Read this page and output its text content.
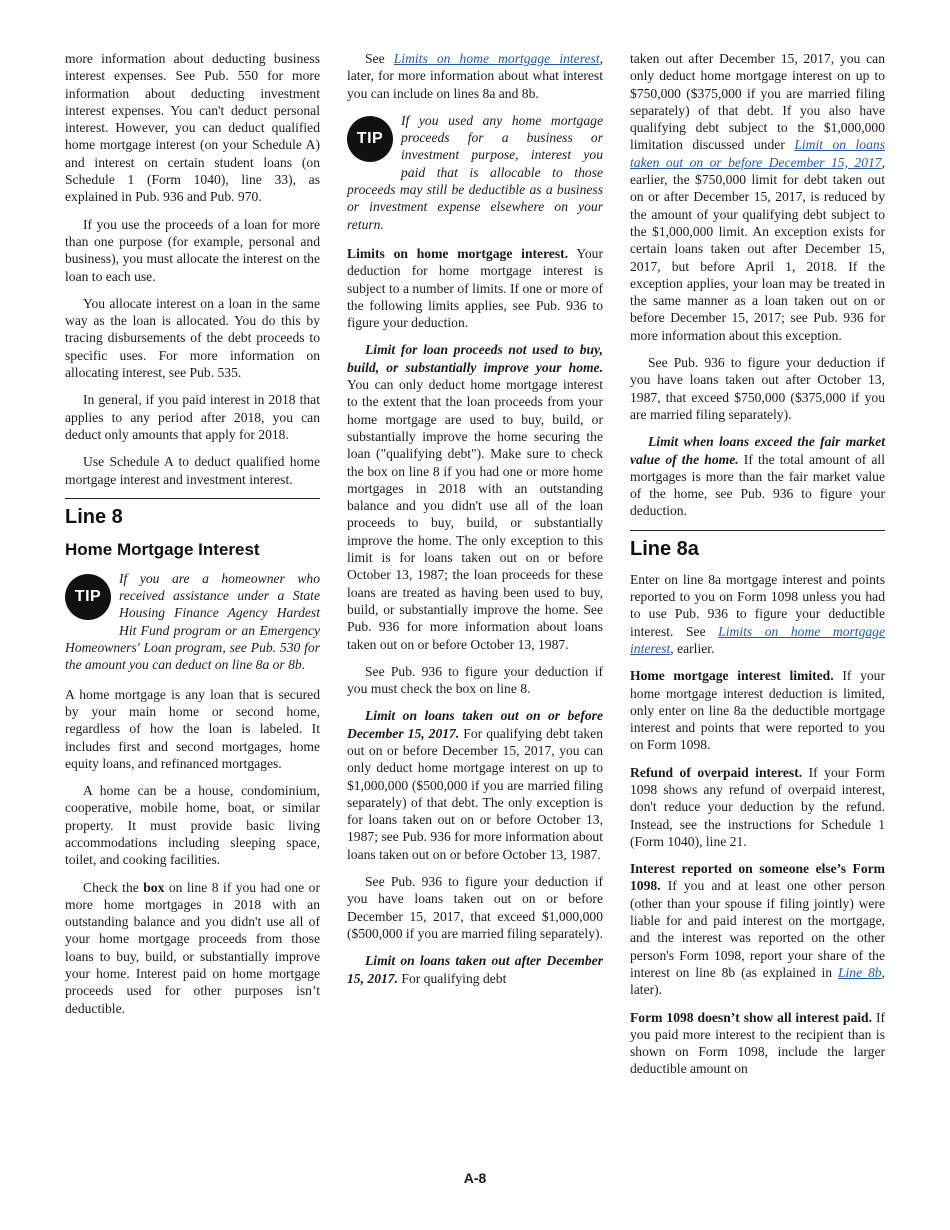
more information about deducting business interest expenses. See Pub. 550 for more information about deducting investment interest expenses. You can't deduct personal interest. However, you can deduct qualified home mortgage interest (on your Schedule A) and interest on certain student loans (on Schedule 1 (Form 1040), line 33), as explained in Pub. 936 and Pub. 970.

If you use the proceeds of a loan for more than one purpose (for example, personal and business), you must allocate the interest on the loan to each use.

You allocate interest on a loan in the same way as the loan is allocated. You do this by tracing disbursements of the debt proceeds to specific uses. For more information on allocating interest, see Pub. 535.

In general, if you paid interest in 2018 that applies to any period after 2018, you can deduct only amounts that apply for 2018.

Use Schedule A to deduct qualified home mortgage interest and investment interest.

Line 8
Home Mortgage Interest
TIP
If you are a homeowner who received assistance under a State Housing Finance Agency Hardest Hit Fund program or an Emergency Homeowners' Loan program, see Pub. 530 for the amount you can deduct on line 8a or 8b.

A home mortgage is any loan that is secured by your main home or second home, regardless of how the loan is labeled. It includes first and second mortgages, home equity loans, and refinanced mortgages.

A home can be a house, condominium, cooperative, mobile home, boat, or similar property. It must provide basic living accommodations including sleeping space, toilet, and cooking facilities.

Check the box on line 8 if you had one or more home mortgages in 2018 with an outstanding balance and you didn't use all of your home mortgage proceeds from those loans to buy, build, or substantially improve your home. Interest paid on home mortgage proceeds used for other purposes isn’t deductible.

See Limits on home mortgage interest, later, for more information about what interest you can include on lines 8a and 8b.

TIP
If you used any home mortgage proceeds for a business or investment purpose, interest you paid that is allocable to those proceeds may still be deductible as a business or investment expense elsewhere on your return.

Limits on home mortgage interest. Your deduction for home mortgage interest is subject to a number of limits. If one or more of the following limits applies, see Pub. 936 to figure your deduction.

Limit for loan proceeds not used to buy, build, or substantially improve your home. You can only deduct home mortgage interest to the extent that the loan proceeds from your home mortgage are used to buy, build, or substantially improve the home securing the loan ("qualifying debt"). Make sure to check the box on line 8 if you had one or more home mortgages in 2018 with an outstanding balance and you didn't use all of the loan proceeds to buy, build, or substantially improve the home. The only exception to this limit is for loans taken out on or before October 13, 1987; the loan proceeds for these loans are treated as having been used to buy, build, or substantially improve the home. See Pub. 936 for more information about loans taken out on or before October 13, 1987.

See Pub. 936 to figure your deduction if you must check the box on line 8.

Limit on loans taken out on or before December 15, 2017. For qualifying debt taken out on or before December 15, 2017, you can only deduct home mortgage interest on up to $1,000,000 ($500,000 if you are married filing separately) of that debt. The only exception is for loans taken out on or before October 13, 1987; see Pub. 936 for more information about loans taken out on or before October 13, 1987.

See Pub. 936 to figure your deduction if you have loans taken out on or before December 15, 2017, that exceed $1,000,000 ($500,000 if you are married filing separately).

Limit on loans taken out after December 15, 2017. For qualifying debt

taken out after December 15, 2017, you can only deduct home mortgage interest on up to $750,000 ($375,000 if you are married filing separately) of that debt. If you also have qualifying debt subject to the $1,000,000 limitation discussed under Limit on loans taken out on or before December 15, 2017, earlier, the $750,000 limit for debt taken out on or after December 15, 2017, is reduced by the amount of your qualifying debt subject to the $1,000,000 limit. An exception exists for certain loans taken out after December 15, 2017, but before April 1, 2018. If the exception applies, your loan may be treated in the same manner as a loan taken out on or before December 15, 2017; see Pub. 936 for more information about this exception.

See Pub. 936 to figure your deduction if you have loans taken out after October 13, 1987, that exceed $750,000 ($375,000 if you are married filing separately).

Limit when loans exceed the fair market value of the home. If the total amount of all mortgages is more than the fair market value of the home, see Pub. 936 to figure your deduction.

Line 8a

Enter on line 8a mortgage interest and points reported to you on Form 1098 unless you had to use Pub. 936 to figure your deductible interest. See Limits on home mortgage interest, earlier.

Home mortgage interest limited. If your home mortgage interest deduction is limited, only enter on line 8a the deductible mortgage interest and points that were reported to you on Form 1098.

Refund of overpaid interest. If your Form 1098 shows any refund of overpaid interest, don't reduce your deduction by the refund. Instead, see the instructions for Schedule 1 (Form 1040), line 21.

Interest reported on someone else’s Form 1098. If you and at least one other person (other than your spouse if filing jointly) were liable for and paid interest on the mortgage, and the interest was reported on the other person's Form 1098, report your share of the interest on line 8b (as explained in Line 8b, later).

Form 1098 doesn’t show all interest paid. If you paid more interest to the recipient than is shown on Form 1098, include the larger deductible amount on

A-8
